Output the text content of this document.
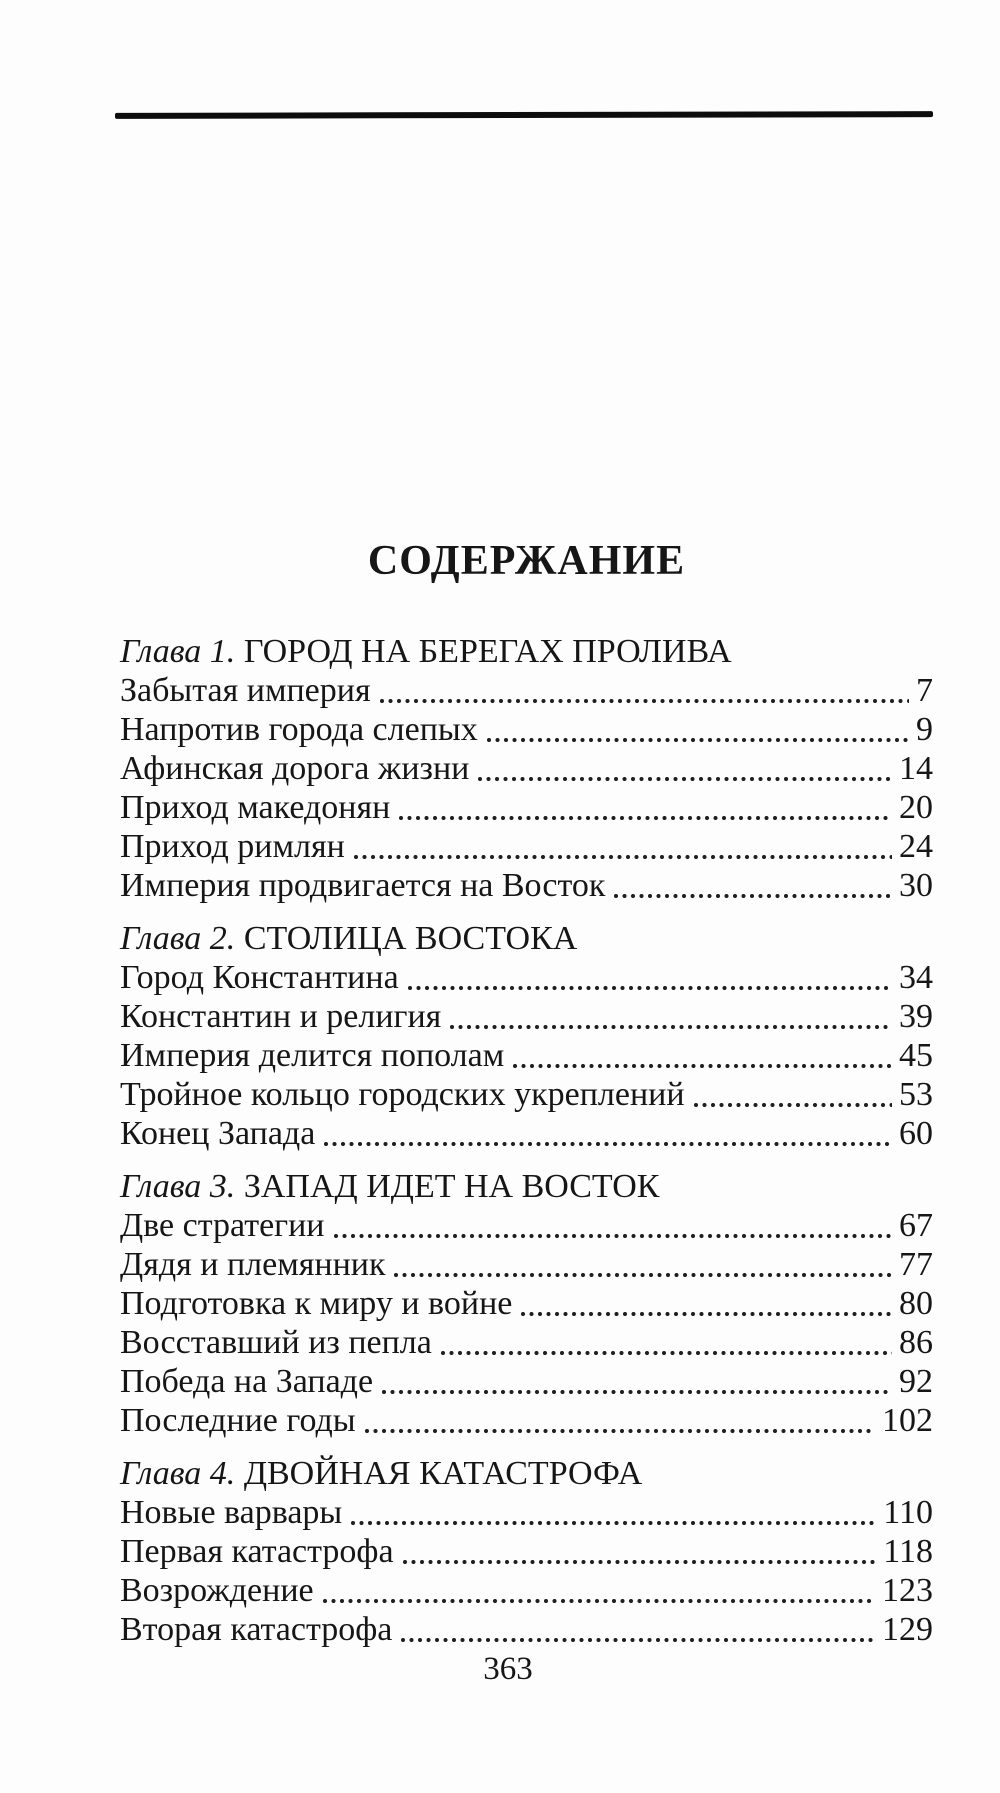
СОДЕРЖАНИЕ
Глава 1. ГОРОД НА БЕРЕГАХ ПРОЛИВА
Забытая империя	7
Напротив города слепых	9
Афинская дорога жизни	14
Приход македонян	20
Приход римлян	24
Империя продвигается на Восток	30
Глава 2. СТОЛИЦА ВОСТОКА
Город Константина	34
Константин и религия	39
Империя делится пополам	45
Тройное кольцо городских укреплений	53
Конец Запада	60
Глава 3. ЗАПАД ИДЕТ НА ВОСТОК
Две стратегии	67
Дядя и племянник	77
Подготовка к миру и войне	80
Восставший из пепла	86
Победа на Западе	92
Последние годы	102
Глава 4. ДВОЙНАЯ КАТАСТРОФА
Новые варвары	110
Первая катастрофа	118
Возрождение	123
Вторая катастрофа	129
363
